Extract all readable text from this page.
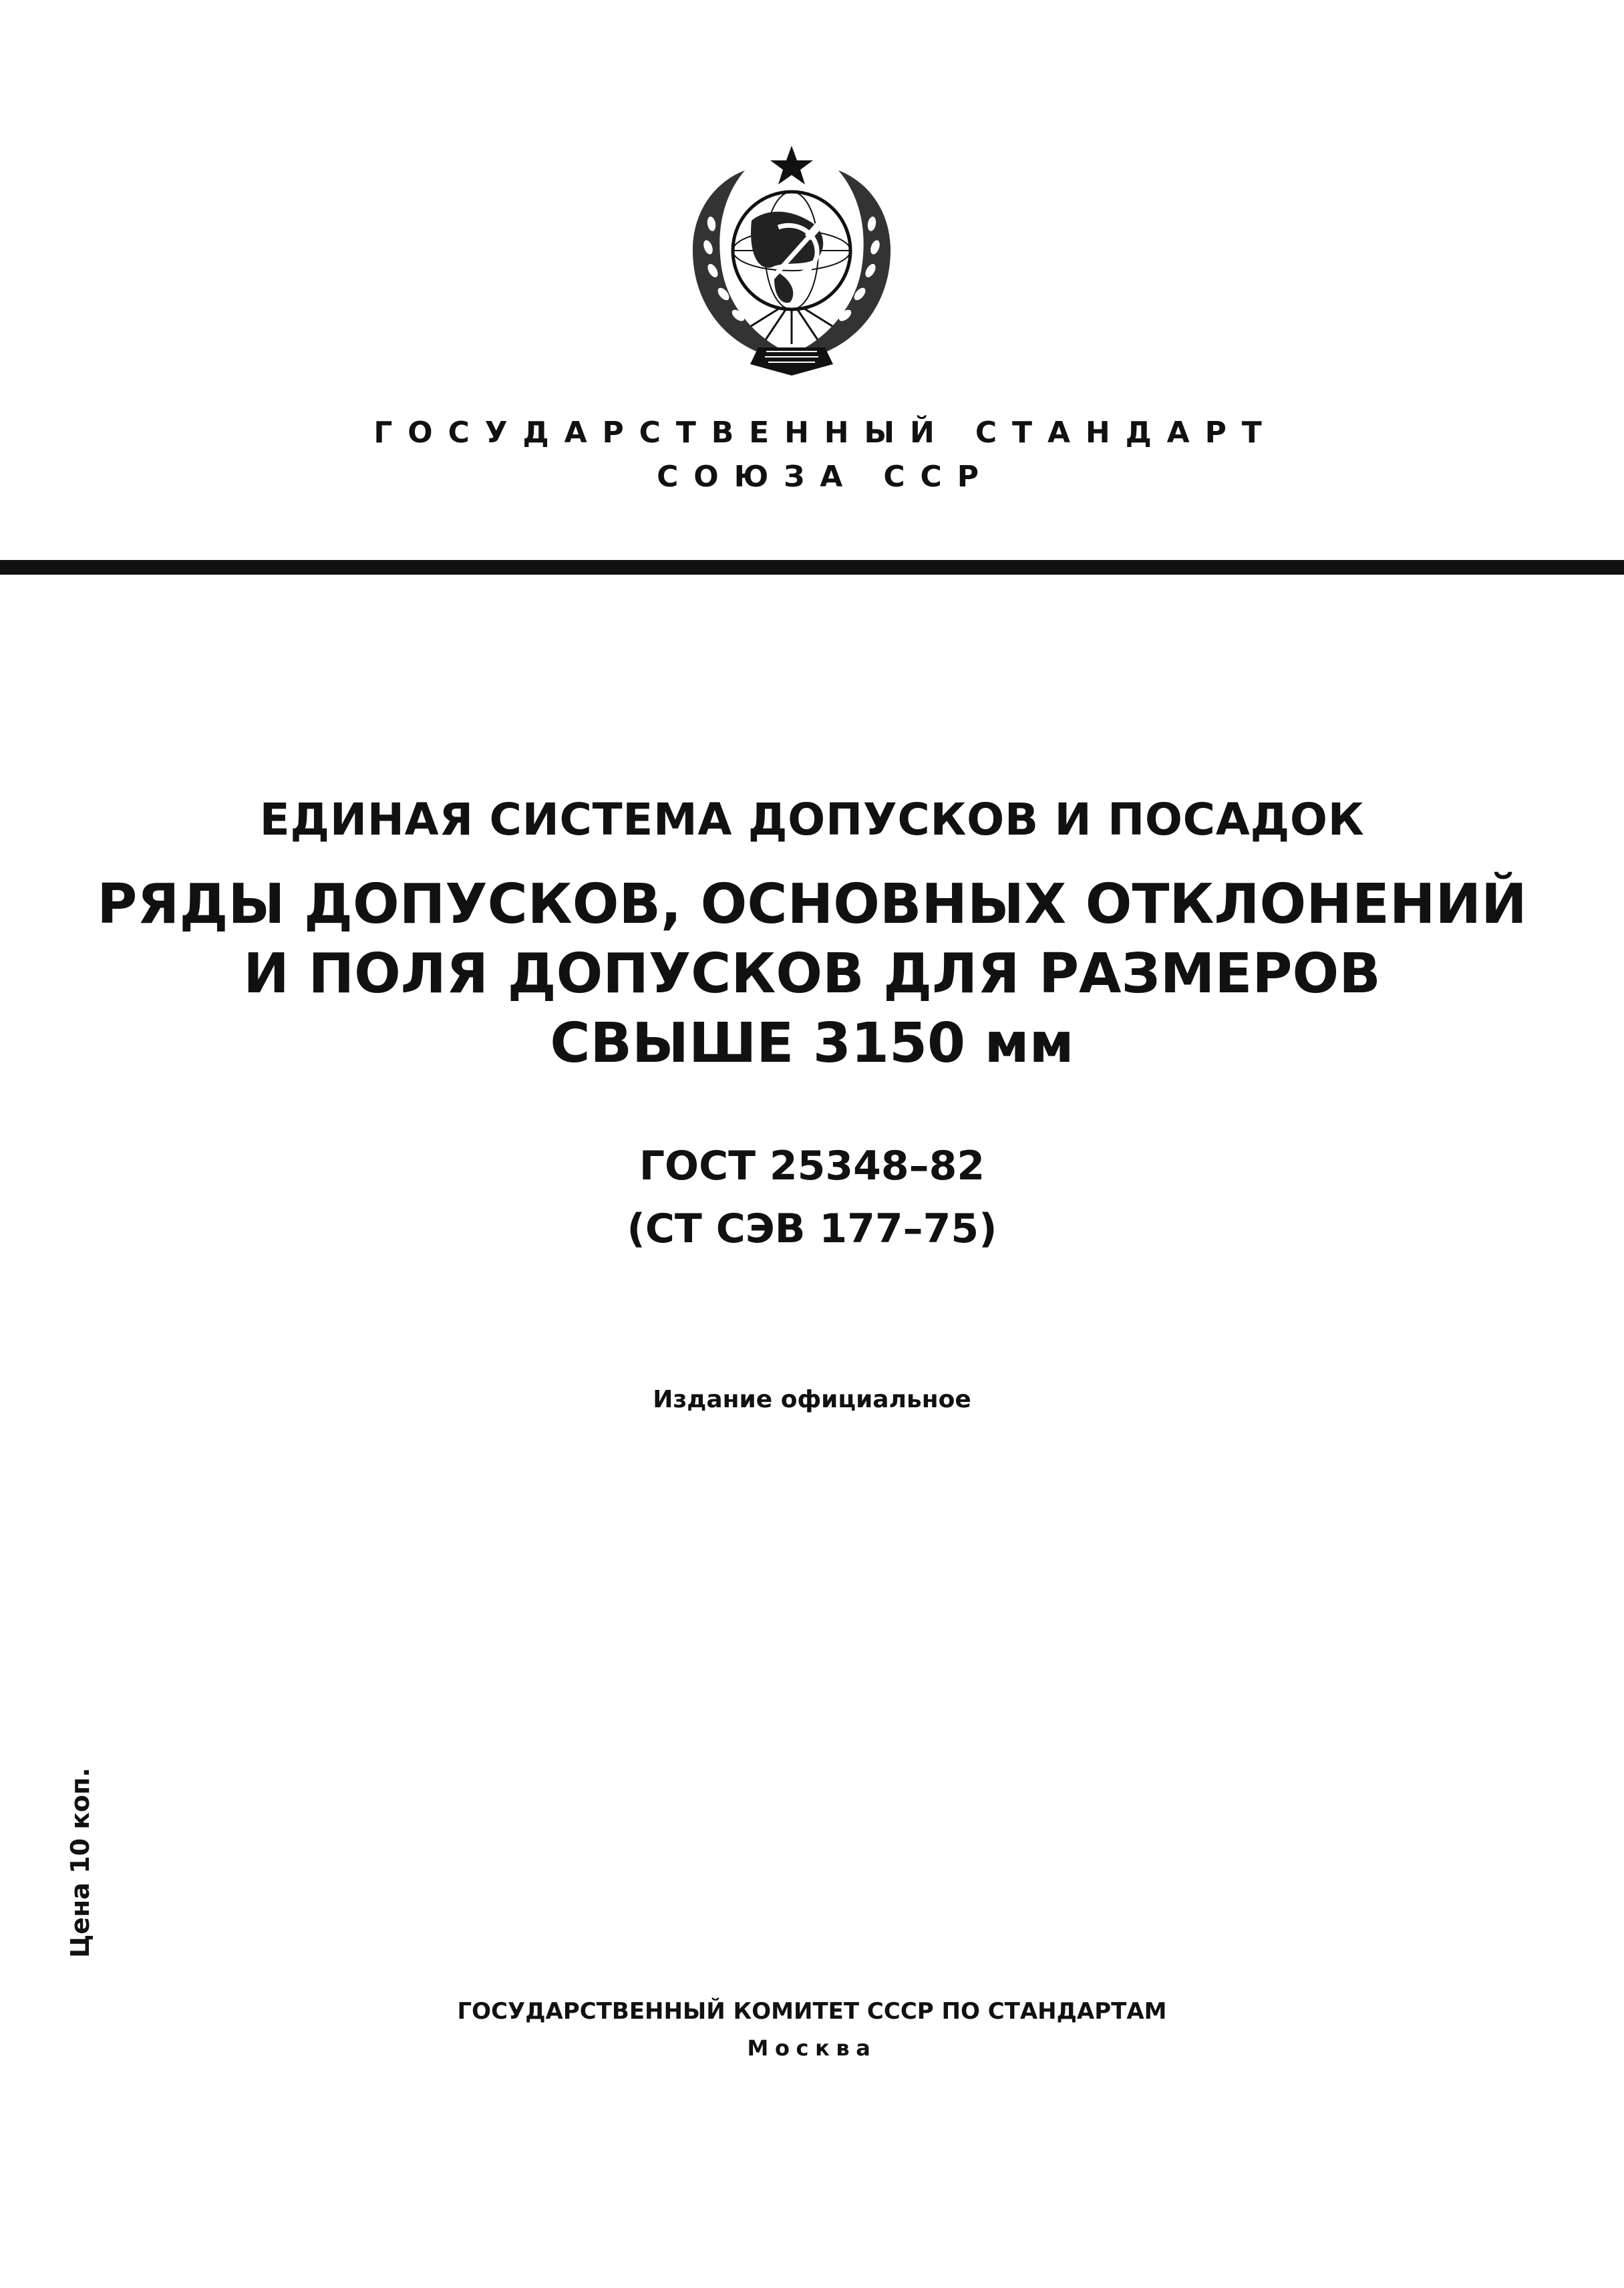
ГОСУДАРСТВЕННЫЙ СТАНДАРТ
СОЮЗА ССР
ЕДИНАЯ СИСТЕМА ДОПУСКОВ И ПОСАДОК
РЯДЫ ДОПУСКОВ, ОСНОВНЫХ ОТКЛОНЕНИЙ
И ПОЛЯ ДОПУСКОВ ДЛЯ РАЗМЕРОВ
СВЫШЕ 3150 мм
ГОСТ 25348–82
(СТ СЭВ 177–75)
Издание официальное
Цена 10 коп.
ГОСУДАРСТВЕННЫЙ КОМИТЕТ СССР ПО СТАНДАРТАМ
Москва
